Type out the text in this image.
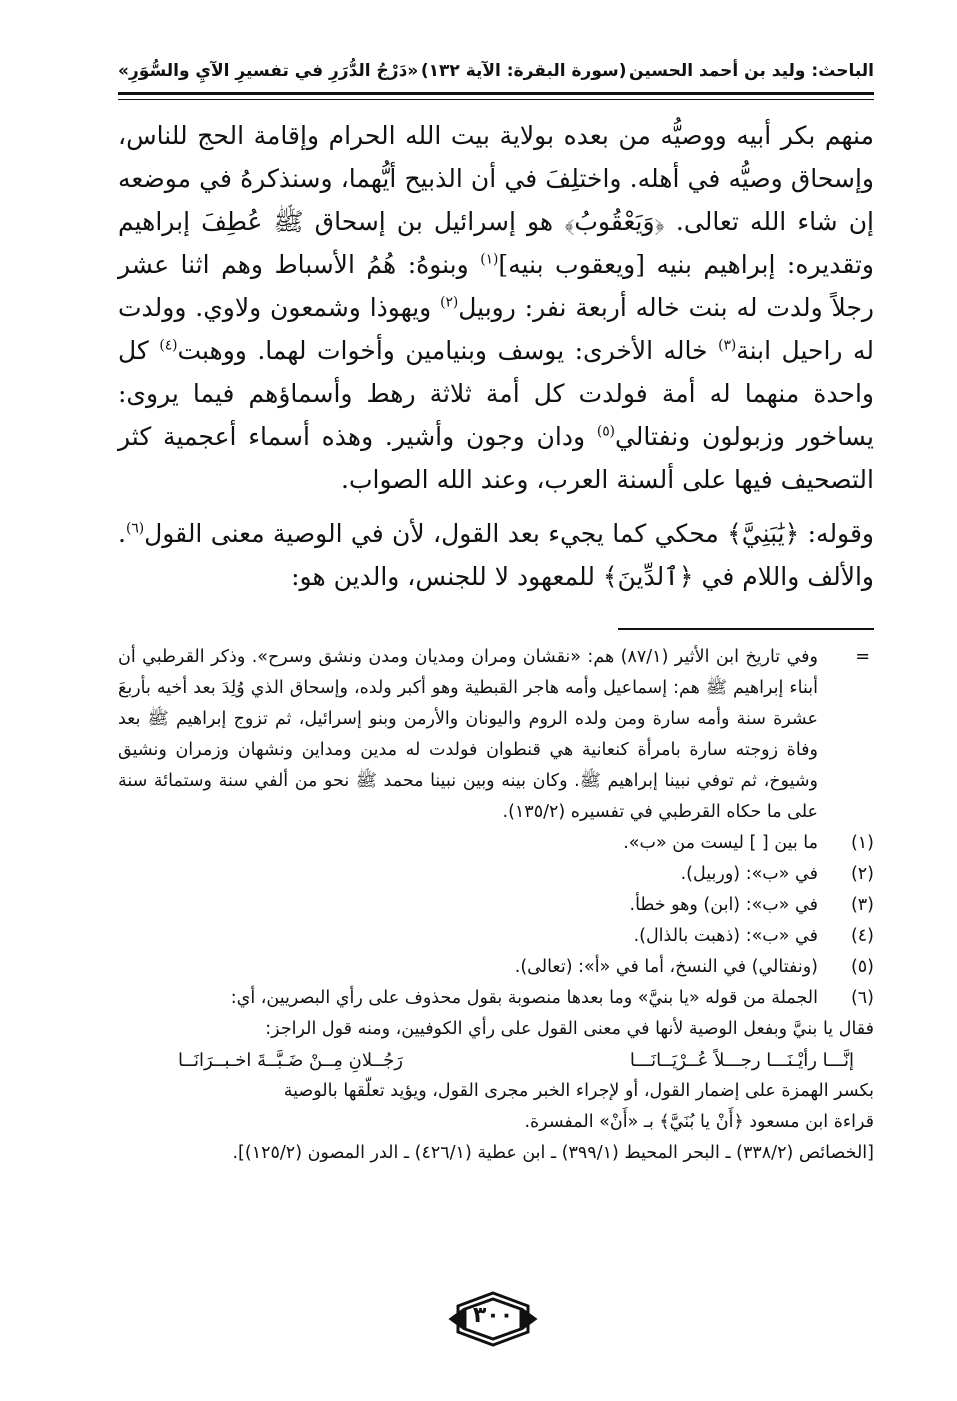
الباحث: وليد بن أحمد الحسين
(سورة البقرة: الآية ١٣٢)
«دَرْجُ الدُّرَرِ في تفسيرِ الآيِ والسُّوَرِ»

منهم بكر أبيه ووصيُّه من بعده بولاية بيت الله الحرام وإقامة الحج للناس، وإسحاق وصيُّه في أهله. واختلِفَ في أن الذبيح أيُّهما، وسنذكرهُ في موضعه إن شاء الله تعالى. ﴿وَيَعْقُوبُ﴾ هو إسرائيل بن إسحاق ﷺ عُطِفَ إبراهيم وتقديره: إبراهيم بنيه [ويعقوب بنيه]$^{(١)}$ وبنوهُ: هُمُ الأسباط وهم اثنا عشر رجلاً ولدت له بنت خاله أربعة نفر: روبيل$^{(٢)}$ ويهوذا وشمعون ولاوي. وولدت له راحيل ابنة$^{(٣)}$ خاله الأخرى: يوسف وبنيامين وأخوات لهما. ووهبت$^{(٤)}$ كل واحدة منهما له أمة فولدت كل أمة ثلاثة رهط وأسماؤهم فيما يروى: يساخور وزبولون ونفتالي$^{(٥)}$ ودان وجون وأشير. وهذه أسماء أعجمية كثر التصحيف فيها على ألسنة العرب، وعند الله الصواب.

وقوله: ﴿يَٰبَنِيَّ﴾ محكي كما يجيء بعد القول، لأن في الوصية معنى القول$^{(٦)}$. والألف واللام في ﴿ٱلدِّينَ﴾ للمعهود لا للجنس، والدين هو:

=
وفي تاريخ ابن الأثير (٨٧/١) هم: «نقشان ومران ومديان ومدن ونشق وسرح». وذكر القرطبي أن أبناء إبراهيم ﷺ هم: إسماعيل وأمه هاجر القبطية وهو أكبر ولده، وإسحاق الذي وُلِدَ بعد أخيه بأربعَ عشرة سنة وأمه سارة ومن ولده الروم واليونان والأرمن وبنو إسرائيل، ثم تزوج إبراهيم ﷺ بعد وفاة زوجته سارة بامرأة كنعانية هي قنطوان فولدت له مدين ومداين ونشهان وزمران ونشيق وشيوخ، ثم توفي نبينا إبراهيم ﷺ. وكان بينه وبين نبينا محمد ﷺ نحو من ألفي سنة وستمائة سنة على ما حكاه القرطبي في تفسيره (١٣٥/٢).
(١)
ما بين [ ] ليست من «ب».
(٢)
في «ب»: (وربيل).
(٣)
في «ب»: (ابن) وهو خطأ.
(٤)
في «ب»: (ذهبت بالذال).
(٥)
(ونفتالي) في النسخ، أما في «أ»: (تعالى).
(٦)
الجملة من قوله «يا بنيَّ» وما بعدها منصوبة بقول محذوف على رأي البصريين، أي:
فقال يا بنيَّ وبفعل الوصية لأنها في معنى القول على رأي الكوفيين، ومنه قول الراجز:
إنَّـــا رأيْـنَـــا رجـــلاً عُــرْيَــانَـــا
رَجُــلانِ مِــنْ ضَـبَّــةَ اخـبــرَانَــا
بكسر الهمزة على إضمار القول، أو لإجراء الخبر مجرى القول، ويؤيد تعلّقها بالوصية
قراءة ابن مسعود ﴿أَنْ يا بُنَيَّ﴾ بـ «أَنْ» المفسرة.
[الخصائص (٣٣٨/٢) ـ البحر المحيط (٣٩٩/١) ـ ابن عطية (٤٢٦/١) ـ الدر المصون (١٢٥/٢)].
٣٠٠
